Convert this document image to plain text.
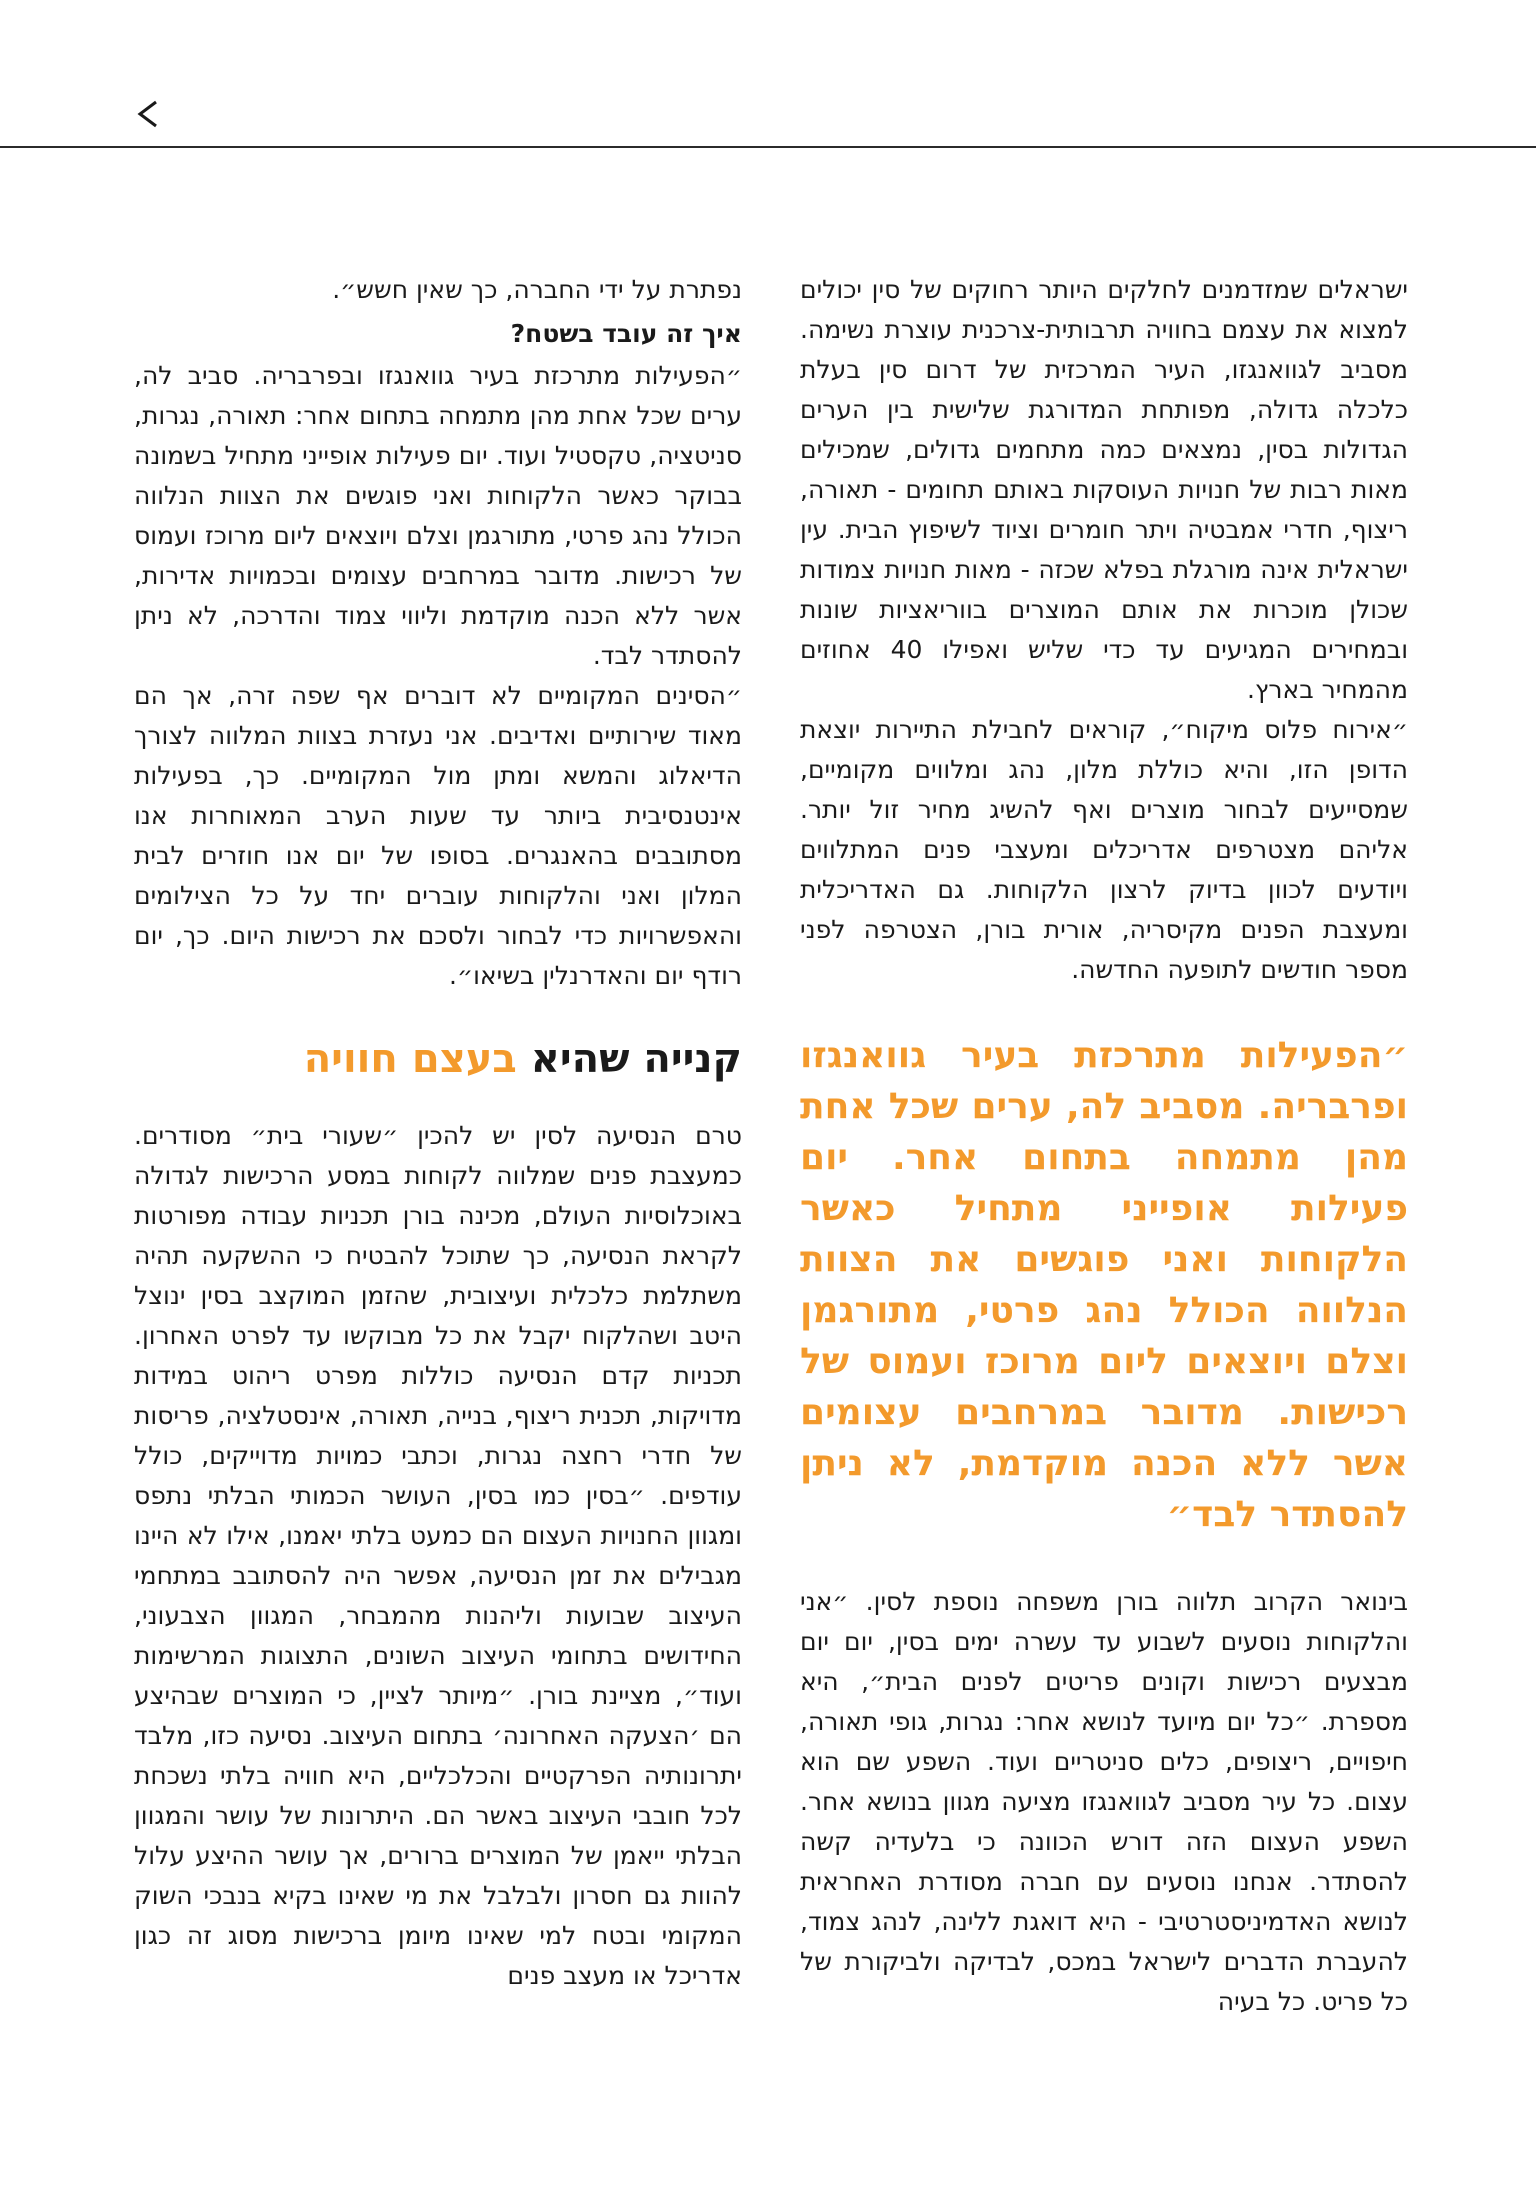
ישראלים שמזדמנים לחלקים היותר רחוקים של סין יכולים למצוא את עצמם בחוויה תרבותית-צרכנית עוצרת נשימה. מסביב לגוואנגזו, העיר המרכזית של דרום סין בעלת כלכלה גדולה, מפותחת המדורגת שלישית בין הערים הגדולות בסין, נמצאים כמה מתחמים גדולים, שמכילים מאות רבות של חנויות העוסקות באותם תחומים - תאורה, ריצוף, חדרי אמבטיה ויתר חומרים וציוד לשיפוץ הבית. עין ישראלית אינה מורגלת בפלא שכזה - מאות חנויות צמודות שכולן מוכרות את אותם המוצרים בווריאציות שונות ובמחירים המגיעים עד כדי שליש ואפילו 40 אחוזים מהמחיר בארץ.

״אירוח פלוס מיקוח״, קוראים לחבילת התיירות יוצאת הדופן הזו, והיא כוללת מלון, נהג ומלווים מקומיים, שמסייעים לבחור מוצרים ואף להשיג מחיר זול יותר. אליהם מצטרפים אדריכלים ומעצבי פנים המתלווים ויודעים לכוון בדיוק לרצון הלקוחות. גם האדריכלית ומעצבת הפנים מקיסריה, אורית בורן, הצטרפה לפני מספר חודשים לתופעה החדשה.

״הפעילות מתרכזת בעיר גוואנגזו ופרבריה. מסביב לה, ערים שכל אחת מהן מתמחה בתחום אחר. יום פעילות אופייני מתחיל כאשר הלקוחות ואני פוגשים את הצוות הנלווה הכולל נהג פרטי, מתורגמן וצלם ויוצאים ליום מרוכז ועמוס של רכישות. מדובר במרחבים עצומים אשר ללא הכנה מוקדמת, לא ניתן להסתדר לבד״

בינואר הקרוב תלווה בורן משפחה נוספת לסין. ״אני והלקוחות נוסעים לשבוע עד עשרה ימים בסין, יום יום מבצעים רכישות וקונים פריטים לפנים הבית״, היא מספרת. ״כל יום מיועד לנושא אחר: נגרות, גופי תאורה, חיפויים, ריצופים, כלים סניטריים ועוד. השפע שם הוא עצום. כל עיר מסביב לגוואנגזו מציעה מגוון בנושא אחר. השפע העצום הזה דורש הכוונה כי בלעדיה קשה להסתדר. אנחנו נוסעים עם חברה מסודרת האחראית לנושא האדמיניסטרטיבי - היא דואגת ללינה, לנהג צמוד, להעברת הדברים לישראל במכס, לבדיקה ולביקורת של כל פריט. כל בעיה

נפתרת על ידי החברה, כך שאין חשש״.

איך זה עובד בשטח?

״הפעילות מתרכזת בעיר גוואנגזו ובפרבריה. סביב לה, ערים שכל אחת מהן מתמחה בתחום אחר: תאורה, נגרות, סניטציה, טקסטיל ועוד. יום פעילות אופייני מתחיל בשמונה בבוקר כאשר הלקוחות ואני פוגשים את הצוות הנלווה הכולל נהג פרטי, מתורגמן וצלם ויוצאים ליום מרוכז ועמוס של רכישות. מדובר במרחבים עצומים ובכמויות אדירות, אשר ללא הכנה מוקדמת וליווי צמוד והדרכה, לא ניתן להסתדר לבד.

״הסינים המקומיים לא דוברים אף שפה זרה, אך הם מאוד שירותיים ואדיבים. אני נעזרת בצוות המלווה לצורך הדיאלוג והמשא ומתן מול המקומיים. כך, בפעילות אינטנסיבית ביותר עד שעות הערב המאוחרות אנו מסתובבים בהאנגרים. בסופו של יום אנו חוזרים לבית המלון ואני והלקוחות עוברים יחד על כל הצילומים והאפשרויות כדי לבחור ולסכם את רכישות היום. כך, יום רודף יום והאדרנלין בשיאו״.

קנייה שהיא בעצם חוויה

טרם הנסיעה לסין יש להכין ״שעורי בית״ מסודרים. כמעצבת פנים שמלווה לקוחות במסע הרכישות לגדולה באוכלוסיות העולם, מכינה בורן תכניות עבודה מפורטות לקראת הנסיעה, כך שתוכל להבטיח כי ההשקעה תהיה משתלמת כלכלית ועיצובית, שהזמן המוקצב בסין ינוצל היטב ושהלקוח יקבל את כל מבוקשו עד לפרט האחרון. תכניות קדם הנסיעה כוללות מפרט ריהוט במידות מדויקות, תכנית ריצוף, בנייה, תאורה, אינסטלציה, פריסות של חדרי רחצה נגרות, וכתבי כמויות מדוייקים, כולל עודפים. ״בסין כמו בסין, העושר הכמותי הבלתי נתפס ומגוון החנויות העצום הם כמעט בלתי יאמנו, אילו לא היינו מגבילים את זמן הנסיעה, אפשר היה להסתובב במתחמי העיצוב שבועות וליהנות מהמבחר, המגוון הצבעוני, החידושים בתחומי העיצוב השונים, התצוגות המרשימות ועוד״, מציינת בורן. ״מיותר לציין, כי המוצרים שבהיצע הם ׳הצעקה האחרונה׳ בתחום העיצוב. נסיעה כזו, מלבד יתרונותיה הפרקטיים והכלכליים, היא חוויה בלתי נשכחת לכל חובבי העיצוב באשר הם. היתרונות של עושר והמגוון הבלתי ייאמן של המוצרים ברורים, אך עושר ההיצע עלול להוות גם חסרון ולבלבל את מי שאינו בקיא בנבכי השוק המקומי ובטח למי שאינו מיומן ברכישות מסוג זה כגון אדריכל או מעצב פנים
